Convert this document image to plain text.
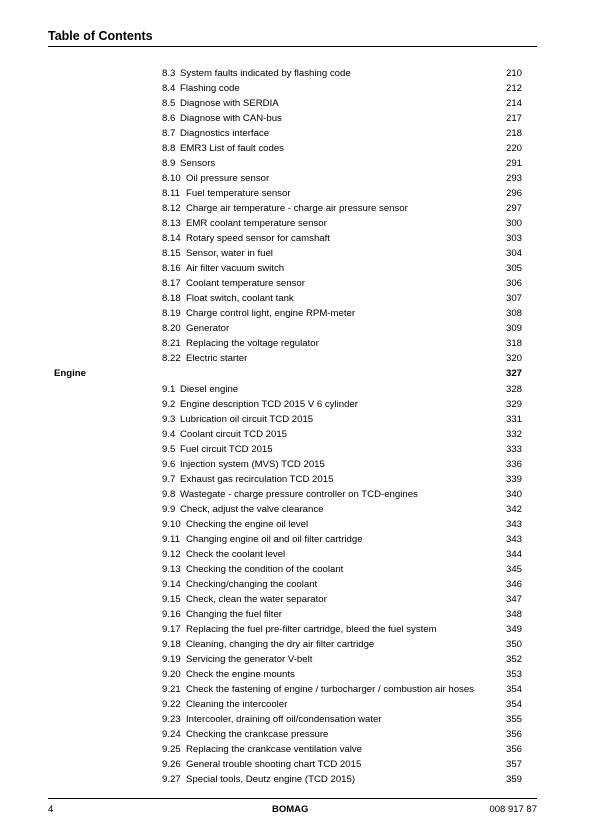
Table of Contents
8.3 System faults indicated by flashing code	210
8.4 Flashing code	212
8.5 Diagnose with SERDIA	214
8.6 Diagnose with CAN-bus	217
8.7 Diagnostics interface	218
8.8 EMR3 List of fault codes	220
8.9 Sensors	291
8.10 Oil pressure sensor	293
8.11 Fuel temperature sensor	296
8.12 Charge air temperature - charge air pressure sensor	297
8.13 EMR coolant temperature sensor	300
8.14 Rotary speed sensor for camshaft	303
8.15 Sensor, water in fuel	304
8.16 Air filter vacuum switch	305
8.17 Coolant temperature sensor	306
8.18 Float switch, coolant tank	307
8.19 Charge control light, engine RPM-meter	308
8.20 Generator	309
8.21 Replacing the voltage regulator	318
8.22 Electric starter	320
Engine	327
9.1 Diesel engine	328
9.2 Engine description TCD 2015 V 6 cylinder	329
9.3 Lubrication oil circuit TCD 2015	331
9.4 Coolant circuit TCD 2015	332
9.5 Fuel circuit TCD 2015	333
9.6 Injection system (MVS) TCD 2015	336
9.7 Exhaust gas recirculation TCD 2015	339
9.8 Wastegate - charge pressure controller on TCD-engines	340
9.9 Check, adjust the valve clearance	342
9.10 Checking the engine oil level	343
9.11 Changing engine oil and oil filter cartridge	343
9.12 Check the coolant level	344
9.13 Checking the condition of the coolant	345
9.14 Checking/changing the coolant	346
9.15 Check, clean the water separator	347
9.16 Changing the fuel filter	348
9.17 Replacing the fuel pre-filter cartridge, bleed the fuel system	349
9.18 Cleaning, changing the dry air filter cartridge	350
9.19 Servicing the generator V-belt	352
9.20 Check the engine mounts	353
9.21 Check the fastening of engine / turbocharger / combustion air hoses	354
9.22 Cleaning the intercooler	354
9.23 Intercooler, draining off oil/condensation water	355
9.24 Checking the crankcase pressure	356
9.25 Replacing the crankcase ventilation valve	356
9.26 General trouble shooting chart TCD 2015	357
9.27 Special tools, Deutz engine (TCD 2015)	359
4	BOMAG	008 917 87
